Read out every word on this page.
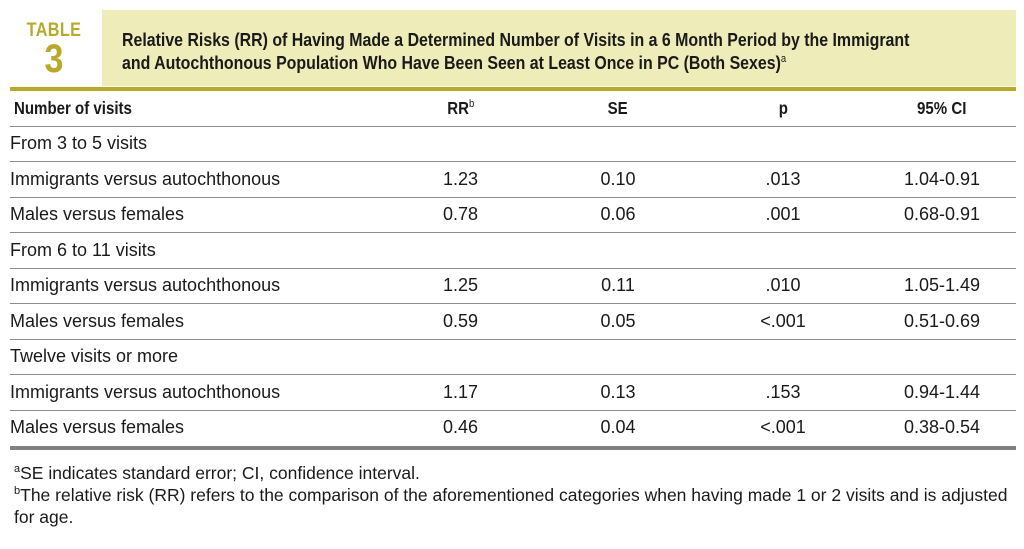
TABLE
3	Relative Risks (RR) of Having Made a Determined Number of Visits in a 6 Month Period by the Immigrant
and Autochthonous Population Who Have Been Seen at Least Once in PC (Both Sexes)$^a$
Number of visits	$RR^b$	SE	p	95% CI
From 3 to 5 visits				
Immigrants versus autochthonous	1.23	0.10	.013	1.04-0.91
Males versus females	0.78	0.06	.001	0.68-0.91
From 6 to 11 visits				
Immigrants versus autochthonous	1.25	0.11	.010	1.05-1.49
Males versus females	0.59	0.05	<.001	0.51-0.69
Twelve visits or more				
Immigrants versus autochthonous	1.17	0.13	.153	0.94-1.44
Males versus females	0.46	0.04	<.001	0.38-0.54

$^a$SE indicates standard error; CI, confidence interval.

$^b$The relative risk (RR) refers to the comparison of the aforementioned categories when having made 1 or 2 visits and is adjusted for age.
